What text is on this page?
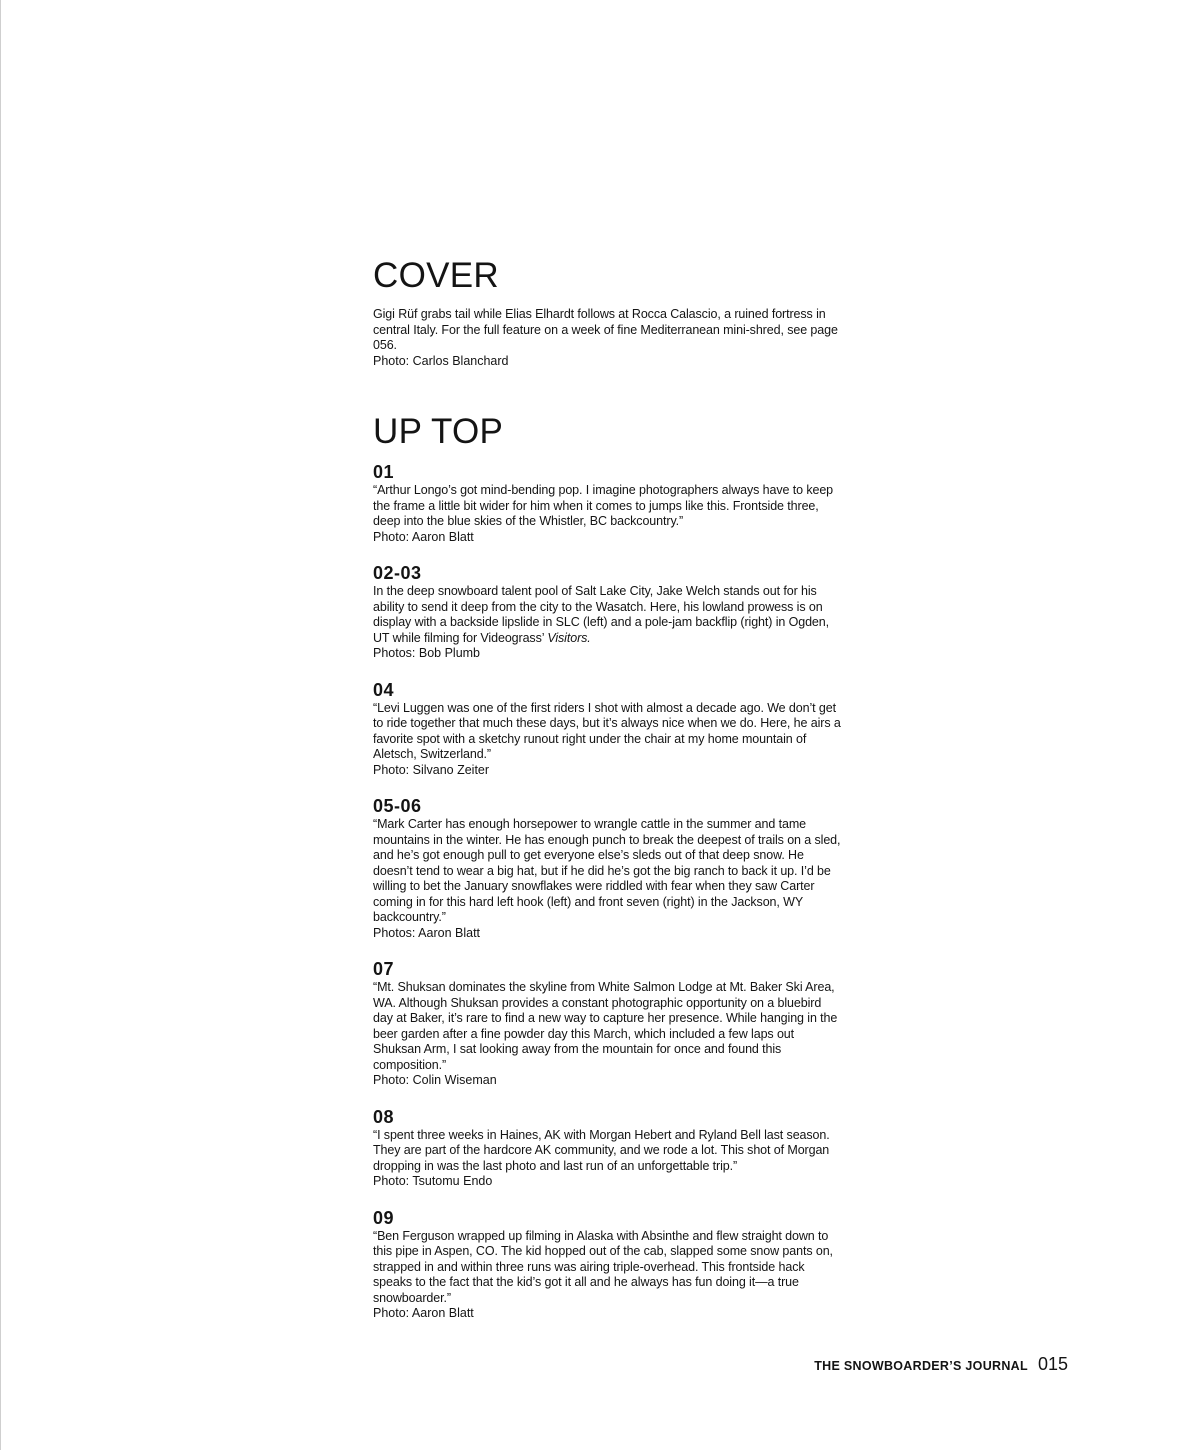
COVER

Gigi Rüf grabs tail while Elias Elhardt follows at Rocca Calascio, a ruined fortress in central Italy. For the full feature on a week of fine Mediterranean mini-shred, see page 056.

Photo: Carlos Blanchard

UP TOP
01

“Arthur Longo’s got mind-bending pop. I imagine photographers always have to keep the frame a little bit wider for him when it comes to jumps like this. Frontside three, deep into the blue skies of the Whistler, BC backcountry.”

Photo: Aaron Blatt

02-03

In the deep snowboard talent pool of Salt Lake City, Jake Welch stands out for his ability to send it deep from the city to the Wasatch. Here, his lowland prowess is on display with a backside lipslide in SLC (left) and a pole-jam backflip (right) in Ogden, UT while filming for Videograss’ Visitors.

Photos: Bob Plumb

04

“Levi Luggen was one of the first riders I shot with almost a decade ago. We don’t get to ride together that much these days, but it’s always nice when we do. Here, he airs a favorite spot with a sketchy runout right under the chair at my home mountain of Aletsch, Switzerland.”

Photo: Silvano Zeiter

05-06

“Mark Carter has enough horsepower to wrangle cattle in the summer and tame mountains in the winter. He has enough punch to break the deepest of trails on a sled, and he’s got enough pull to get everyone else’s sleds out of that deep snow. He doesn’t tend to wear a big hat, but if he did he’s got the big ranch to back it up. I’d be willing to bet the January snowflakes were riddled with fear when they saw Carter coming in for this hard left hook (left) and front seven (right) in the Jackson, WY backcountry.”

Photos: Aaron Blatt

07

“Mt. Shuksan dominates the skyline from White Salmon Lodge at Mt. Baker Ski Area, WA. Although Shuksan provides a constant photographic opportunity on a bluebird day at Baker, it’s rare to find a new way to capture her presence. While hanging in the beer garden after a fine powder day this March, which included a few laps out Shuksan Arm, I sat looking away from the mountain for once and found this composition.”

Photo: Colin Wiseman

08

“I spent three weeks in Haines, AK with Morgan Hebert and Ryland Bell last season. They are part of the hardcore AK community, and we rode a lot. This shot of Morgan dropping in was the last photo and last run of an unforgettable trip.”

Photo: Tsutomu Endo

09

“Ben Ferguson wrapped up filming in Alaska with Absinthe and flew straight down to this pipe in Aspen, CO. The kid hopped out of the cab, slapped some snow pants on, strapped in and within three runs was airing triple-overhead. This frontside hack speaks to the fact that the kid’s got it all and he always has fun doing it—a true snowboarder.”

Photo: Aaron Blatt

THE SNOWBOARDER’S JOURNAL 015
